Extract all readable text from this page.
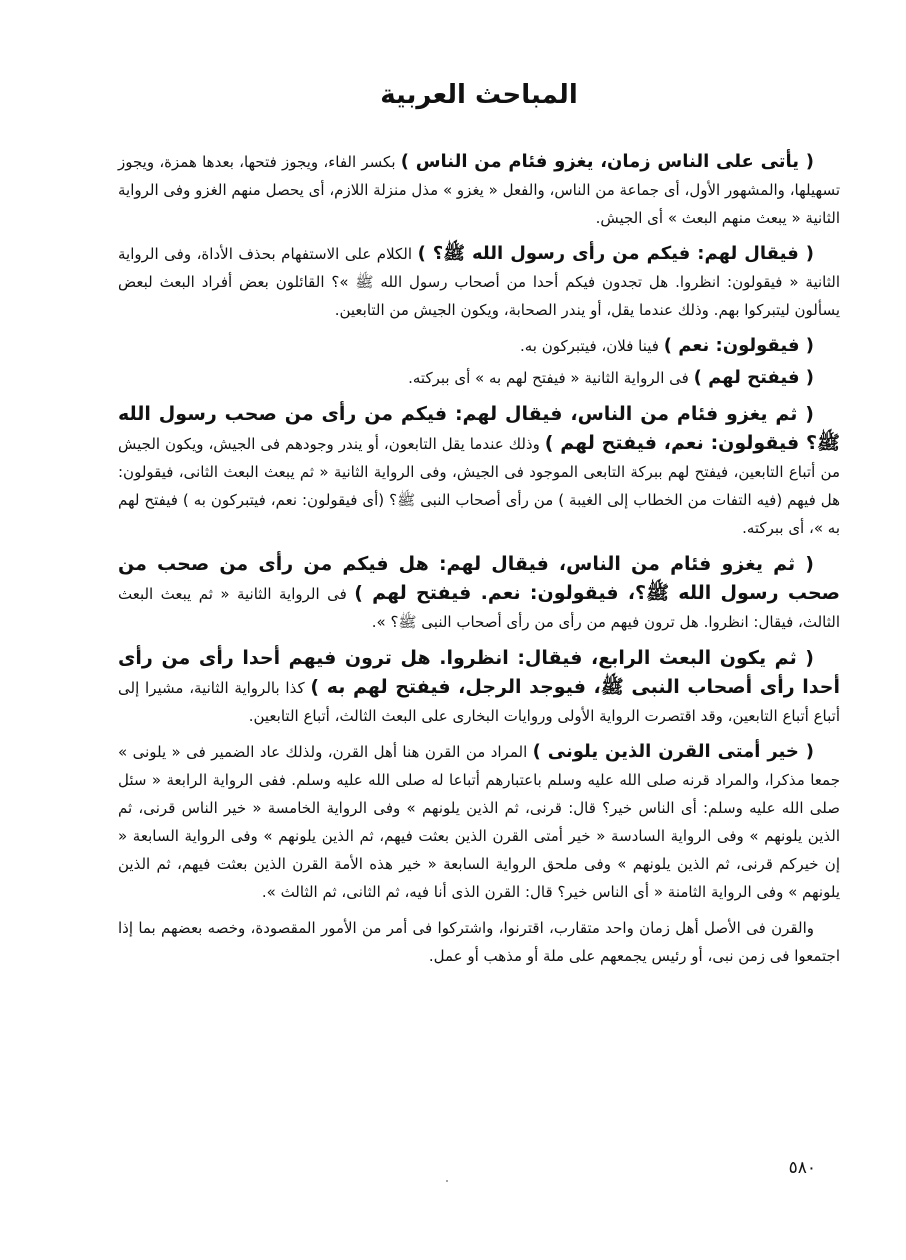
المباحث العربية

( يأتى على الناس زمان، يغزو فئام من الناس ) بكسر الفاء، ويجوز فتحها، بعدها همزة، ويجوز تسهيلها، والمشهور الأول، أى جماعة من الناس، والفعل « يغزو » مذل منزلة اللازم، أى يحصل منهم الغزو وفى الرواية الثانية « يبعث منهم البعث » أى الجيش.

( فيقال لهم: فيكم من رأى رسول الله ﷺ؟ ) الكلام على الاستفهام بحذف الأداة، وفى الرواية الثانية « فيقولون: انظروا. هل تجدون فيكم أحدا من أصحاب رسول الله ﷺ »؟ القائلون بعض أفراد البعث لبعض يسألون ليتبركوا بهم. وذلك عندما يقل، أو يندر الصحابة، ويكون الجيش من التابعين.

( فيقولون: نعم ) فينا فلان، فيتبركون به.

( فيفتح لهم ) فى الرواية الثانية « فيفتح لهم به » أى ببركته.

( ثم يغزو فئام من الناس، فيقال لهم: فيكم من رأى من صحب رسول الله ﷺ؟ فيقولون: نعم، فيفتح لهم ) وذلك عندما يقل التابعون، أو يندر وجودهم فى الجيش، ويكون الجيش من أتباع التابعين، فيفتح لهم ببركة التابعى الموجود فى الجيش، وفى الرواية الثانية « ثم يبعث البعث الثانى، فيقولون: هل فيهم (فيه التفات من الخطاب إلى الغيبة ) من رأى أصحاب النبى ﷺ؟ (أى فيقولون: نعم، فيتبركون به ) فيفتح لهم به »، أى ببركته.

( ثم يغزو فئام من الناس، فيقال لهم: هل فيكم من رأى من صحب من صحب رسول الله ﷺ؟، فيقولون: نعم. فيفتح لهم ) فى الرواية الثانية « ثم يبعث البعث الثالث، فيقال: انظروا. هل ترون فيهم من رأى من رأى أصحاب النبى ﷺ؟ ».

( ثم يكون البعث الرابع، فيقال: انظروا. هل ترون فيهم أحدا رأى من رأى أحدا رأى أصحاب النبى ﷺ، فيوجد الرجل، فيفتح لهم به ) كذا بالرواية الثانية، مشيرا إلى أتباع أتباع التابعين، وقد اقتصرت الرواية الأولى وروايات البخارى على البعث الثالث، أتباع التابعين.

( خير أمتى القرن الذين يلونى ) المراد من القرن هنا أهل القرن، ولذلك عاد الضمير فى « يلونى » جمعا مذكرا، والمراد قرنه صلى الله عليه وسلم باعتبارهم أتباعا له صلى الله عليه وسلم. ففى الرواية الرابعة « سئل صلى الله عليه وسلم: أى الناس خير؟ قال: قرنى، ثم الذين يلونهم » وفى الرواية الخامسة « خير الناس قرنى، ثم الذين يلونهم » وفى الرواية السادسة « خير أمتى القرن الذين بعثت فيهم، ثم الذين يلونهم » وفى الرواية السابعة « إن خيركم قرنى، ثم الذين يلونهم » وفى ملحق الرواية السابعة « خير هذه الأمة القرن الذين بعثت فيهم، ثم الذين يلونهم » وفى الرواية الثامنة « أى الناس خير؟ قال: القرن الذى أنا فيه، ثم الثانى، ثم الثالث ».

والقرن فى الأصل أهل زمان واحد متقارب، اقترنوا، واشتركوا فى أمر من الأمور المقصودة، وخصه بعضهم بما إذا اجتمعوا فى زمن نبى، أو رئيس يجمعهم على ملة أو مذهب أو عمل.

٥٨٠
